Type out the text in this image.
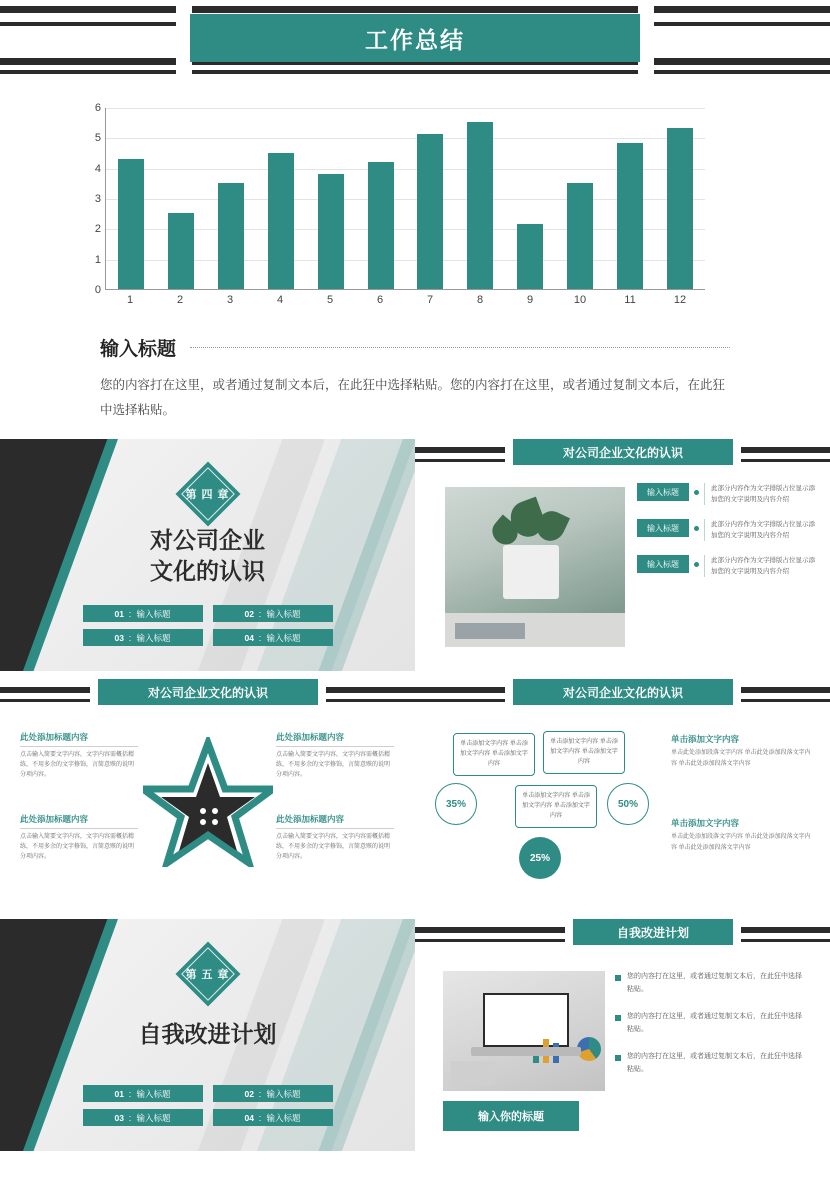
工作总结
0
1
2
3
4
5
6
1	2	3	4	5	6	7	8	9	10	11	12
输入标题
您的内容打在这里，或者通过复制文本后，在此狂中选择粘贴。您的内容打在这里，或者通过复制文本后，在此狂中选择粘贴。
第 四 章
对公司企业
文化的认识
01 ：输入标题	02 ：输入标题
03 ：输入标题	04 ：输入标题
对公司企业文化的认识
输入标题	此部分内容作为文字排版占位显示添加您的文字说明及内容介绍
输入标题	此部分内容作为文字排版占位显示添加您的文字说明及内容介绍
输入标题	此部分内容作为文字排版占位显示添加您的文字说明及内容介绍
对公司企业文化的认识
此处添加标题内容

点击输入简要文字内容，文字内容需概括精练，不用多余的文字修饰，言简意赅的说明分项内容。

此处添加标题内容

点击输入简要文字内容，文字内容需概括精练，不用多余的文字修饰，言简意赅的说明分项内容。

此处添加标题内容

点击输入简要文字内容，文字内容需概括精练，不用多余的文字修饰，言简意赅的说明分项内容。

此处添加标题内容

点击输入简要文字内容，文字内容需概括精练，不用多余的文字修饰，言简意赅的说明分项内容。

对公司企业文化的认识
单击添加文字内容 单击添加文字内容 单击添加文字内容
单击添加文字内容 单击添加文字内容 单击添加文字内容
单击添加文字内容 单击添加文字内容 单击添加文字内容
35%	50%
25%
单击添加文字内容

单击此处添加段落文字内容 单击此处添加段落文字内容 单击此处添加段落文字内容

单击添加文字内容

单击此处添加段落文字内容 单击此处添加段落文字内容 单击此处添加段落文字内容

第 五 章
自我改进计划
01 ：输入标题	02 ：输入标题
03 ：输入标题	04 ：输入标题
自我改进计划
输入你的标题

您的内容打在这里，或者通过复制文本后，在此狂中选择粘贴。

您的内容打在这里，或者通过复制文本后，在此狂中选择粘贴。

您的内容打在这里，或者通过复制文本后，在此狂中选择粘贴。
